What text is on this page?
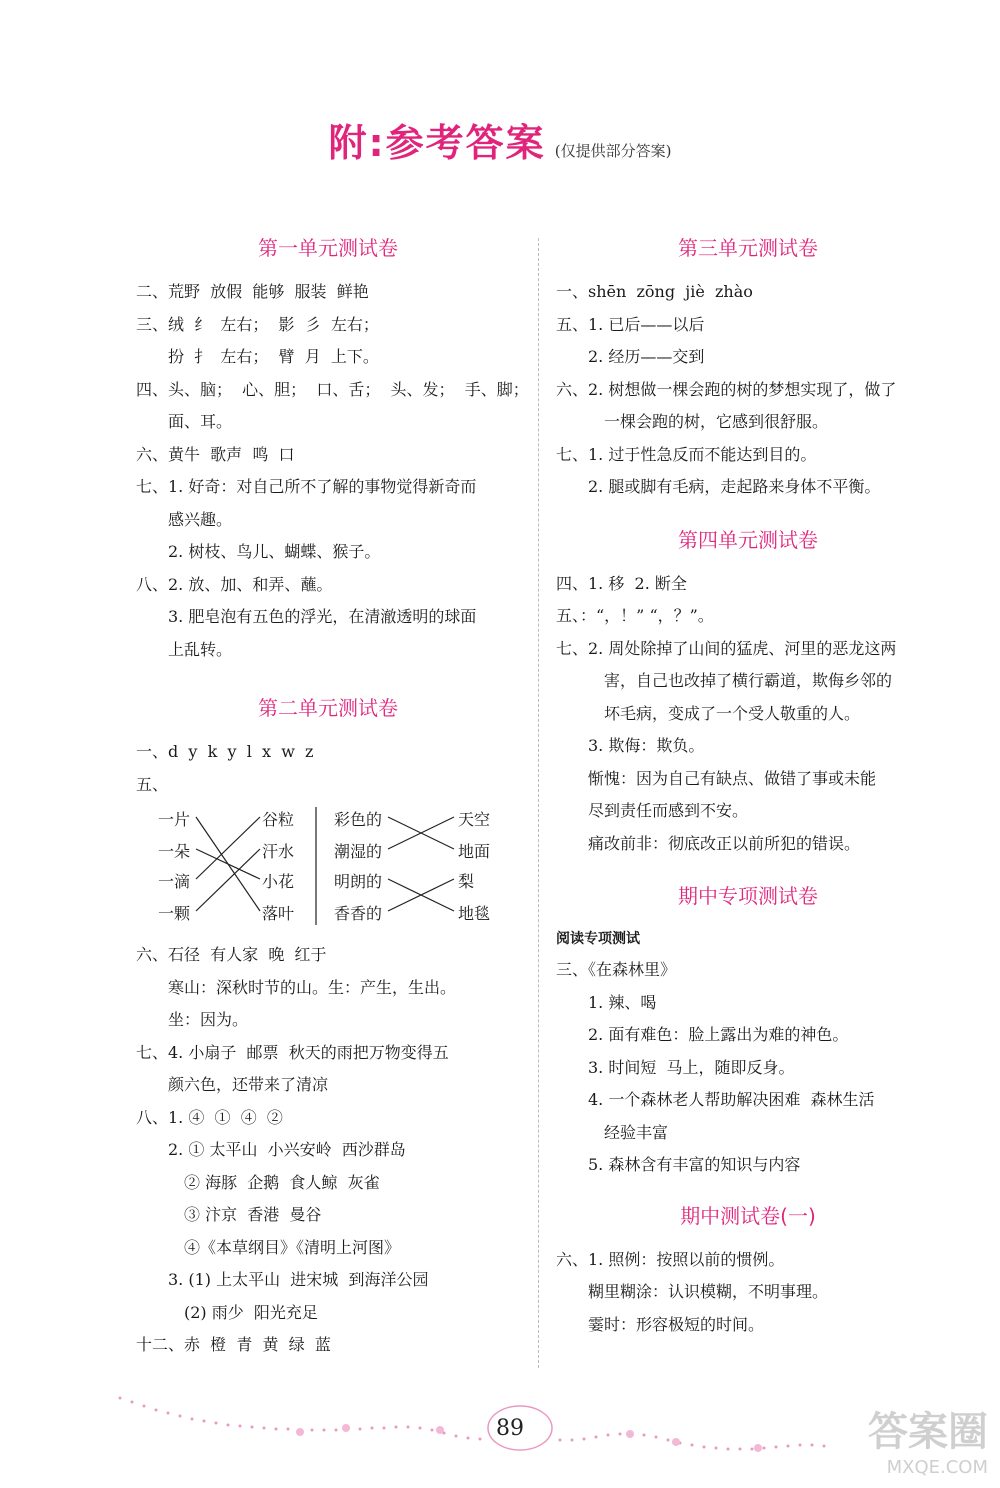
附:参考答案 (仅提供部分答案)
第一单元测试卷
二、荒野  放假  能够  服装  鲜艳
三、绒  纟  左右；  影  彡  左右；
扮  扌  左右；  臂  月  上下。
四、头、脑；  心、胆；  口、舌；  头、发；  手、脚；
面、耳。
六、黄牛  歌声  鸣  口
七、1. 好奇：对自己所不了解的事物觉得新奇而
感兴趣。
2. 树枝、鸟儿、蝴蝶、猴子。
八、2. 放、加、和弄、蘸。
3. 肥皂泡有五色的浮光，在清澈透明的球面
上乱转。
第二单元测试卷
一、d  y  k  y  l  x  w  z
五、
一片
一朵
一滴
一颗
谷粒
汗水
小花
落叶
彩色的
潮湿的
明朗的
香香的
天空
地面
梨
地毯
六、石径  有人家  晚  红于
寒山：深秋时节的山。生：产生，生出。
坐：因为。
七、4. 小扇子  邮票  秋天的雨把万物变得五
颜六色，还带来了清凉
八、1. ④  ①  ④  ②
2. ① 太平山  小兴安岭  西沙群岛
② 海豚  企鹅  食人鲸  灰雀
③ 汴京  香港  曼谷
④《本草纲目》《清明上河图》
3. (1) 上太平山  进宋城  到海洋公园
(2) 雨少  阳光充足
十二、赤  橙  青  黄  绿  蓝
第三单元测试卷
一、shēn  zōng  jiè  zhào
五、1. 已后——以后
2. 经历——交到
六、2. 树想做一棵会跑的树的梦想实现了，做了
一棵会跑的树，它感到很舒服。
七、1. 过于性急反而不能达到目的。
2. 腿或脚有毛病，走起路来身体不平衡。
第四单元测试卷
四、1. 移  2. 断全
五、：“，！” “，？”。
七、2. 周处除掉了山间的猛虎、河里的恶龙这两
害，自己也改掉了横行霸道，欺侮乡邻的
坏毛病，变成了一个受人敬重的人。
3. 欺侮：欺负。
惭愧：因为自己有缺点、做错了事或未能
尽到责任而感到不安。
痛改前非：彻底改正以前所犯的错误。
期中专项测试卷
阅读专项测试
三、《在森林里》
1. 辣、喝
2. 面有难色：脸上露出为难的神色。
3. 时间短  马上，随即反身。
4. 一个森林老人帮助解决困难  森林生活
经验丰富
5. 森林含有丰富的知识与内容
期中测试卷(一)
六、1. 照例：按照以前的惯例。
糊里糊涂：认识模糊，不明事理。
霎时：形容极短的时间。
89	答案圈
MXQE.COM
